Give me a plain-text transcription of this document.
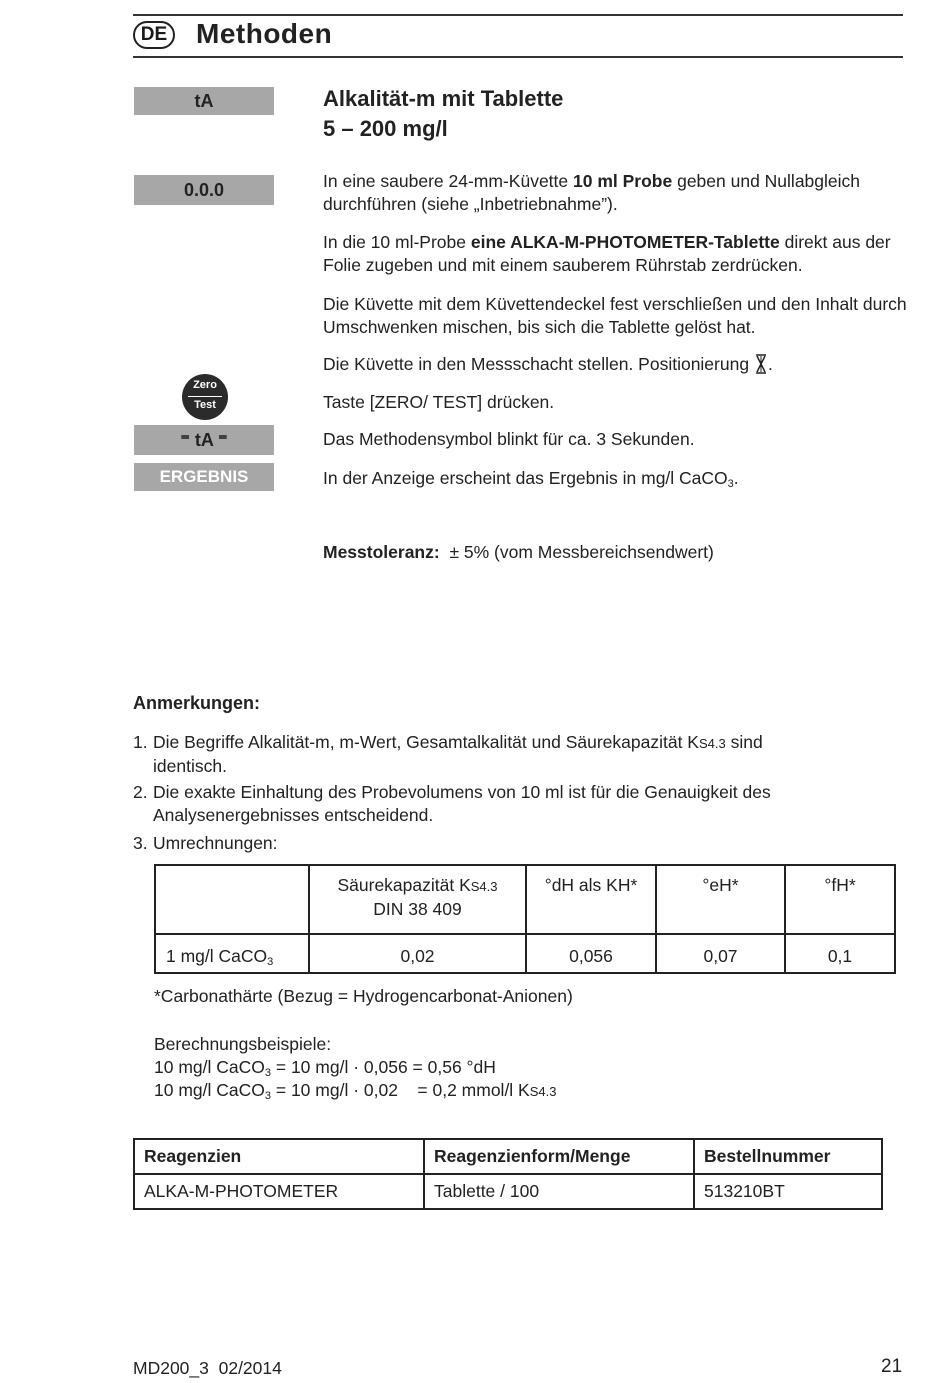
DE Methoden
tA
0.0.0
Zero
Test
⁼ tA ⁼
ERGEBNIS
Alkalität-m mit Tablette
5 – 200 mg/l
In eine saubere 24-mm-Küvette 10 ml Probe geben und Nullabgleich durchführen (siehe „Inbetriebnahme”).
In die 10 ml-Probe eine ALKA-M-PHOTOMETER-Tablette direkt aus der Folie zugeben und mit einem sauberem Rührstab zerdrücken.
Die Küvette mit dem Küvettendeckel fest verschließen und den Inhalt durch Umschwenken mischen, bis sich die Tablette gelöst hat.
Die Küvette in den Messschacht stellen. Positionierung .
Taste [ZERO/ TEST] drücken.
Das Methodensymbol blinkt für ca. 3 Sekunden.
In der Anzeige erscheint das Ergebnis in mg/l CaCO$_3$.
Messtoleranz: ± 5% (vom Messbereichsendwert)
Anmerkungen:
1. Die Begriffe Alkalität-m, m-Wert, Gesamtalkalität und Säurekapazität KS4.3 sind
identisch.
2. Die exakte Einhaltung des Probevolumens von 10 ml ist für die Genauigkeit des
Analysenergebnisses entscheidend.
3. Umrechnungen:
	Säurekapazität KS4.3
DIN 38 409	°dH als KH*	°eH*	°fH*
1 mg/l CaCO$_3$	0,02	0,056	0,07	0,1
*Carbonathärte (Bezug = Hydrogencarbonat-Anionen)
Berechnungsbeispiele:
10 mg/l CaCO$_3$ = 10 mg/l · 0,056 = 0,56 °dH
10 mg/l CaCO$_3$ = 10 mg/l · 0,02    = 0,2 mmol/l KS4.3
Reagenzien	Reagenzienform/Menge	Bestellnummer
ALKA-M-PHOTOMETER	Tablette / 100	513210BT
MD200_3  02/2014	21
